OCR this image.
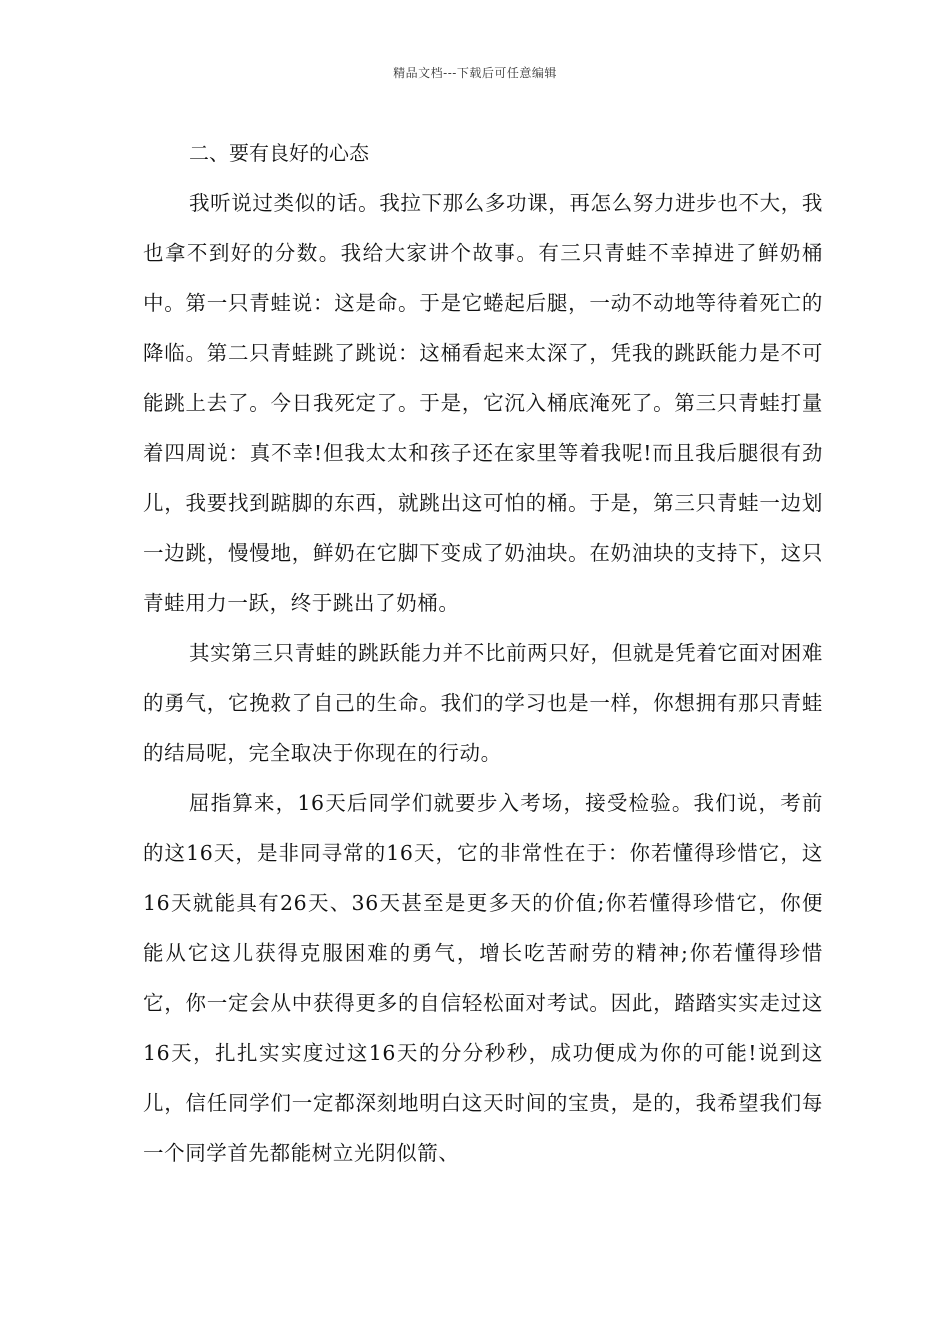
精品文档---下载后可任意编辑
二、要有良好的心态

我听说过类似的话。我拉下那么多功课，再怎么努力进步也不大，我也拿不到好的分数。我给大家讲个故事。有三只青蛙不幸掉进了鲜奶桶中。第一只青蛙说：这是命。于是它蜷起后腿，一动不动地等待着死亡的降临。第二只青蛙跳了跳说：这桶看起来太深了，凭我的跳跃能力是不可能跳上去了。今日我死定了。于是，它沉入桶底淹死了。第三只青蛙打量着四周说：真不幸!但我太太和孩子还在家里等着我呢!而且我后腿很有劲儿，我要找到踮脚的东西，就跳出这可怕的桶。于是，第三只青蛙一边划一边跳，慢慢地，鲜奶在它脚下变成了奶油块。在奶油块的支持下，这只青蛙用力一跃，终于跳出了奶桶。

其实第三只青蛙的跳跃能力并不比前两只好，但就是凭着它面对困难的勇气，它挽救了自己的生命。我们的学习也是一样，你想拥有那只青蛙的结局呢，完全取决于你现在的行动。

屈指算来，16天后同学们就要步入考场，接受检验。我们说，考前的这16天，是非同寻常的16天，它的非常性在于：你若懂得珍惜它，这16天就能具有26天、36天甚至是更多天的价值;你若懂得珍惜它，你便能从它这儿获得克服困难的勇气，增长吃苦耐劳的精神;你若懂得珍惜它，你一定会从中获得更多的自信轻松面对考试。因此，踏踏实实走过这16天，扎扎实实度过这16天的分分秒秒，成功便成为你的可能!说到这儿，信任同学们一定都深刻地明白这天时间的宝贵，是的，我希望我们每一个同学首先都能树立光阴似箭、
